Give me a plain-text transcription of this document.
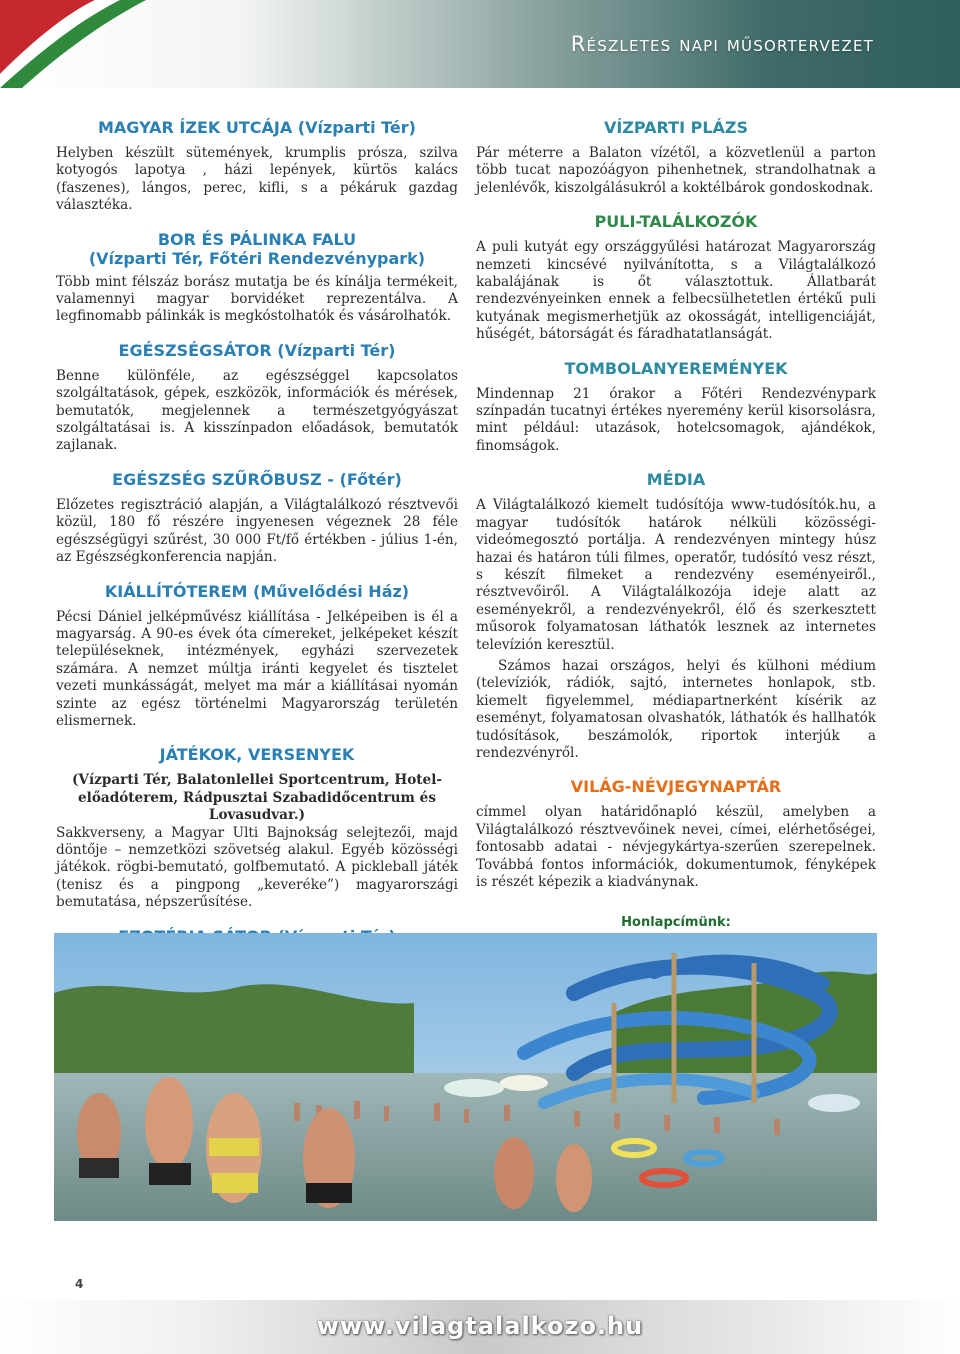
Részletes napi műsortervezet
MAGYAR ÍZEK UTCÁJA (Vízparti Tér)

Helyben készült sütemények, krumplis prósza, szilva kotyogós lapotya , házi lepények, kürtös kalács (faszenes), lángos, perec, kifli, s a pékáruk gazdag választéka.

BOR ÉS PÁLINKA FALU
(Vízparti Tér, Főtéri Rendezvénypark)

Több mint félszáz borász mutatja be és kínálja termékeit, valamennyi magyar borvidéket reprezentálva. A legfinomabb pálinkák is megkóstolhatók és vásárolhatók.

EGÉSZSÉGSÁTOR (Vízparti Tér)

Benne különféle, az egészséggel kapcsolatos szolgáltatások, gépek, eszközök, információk és mérések, bemutatók, megjelennek a természetgyógyászat szolgáltatásai is. A kisszínpadon előadások, bemutatók zajlanak.

EGÉSZSÉG SZŰRŐBUSZ - (Főtér)

Előzetes regisztráció alapján, a Világtalálkozó résztvevői közül, 180 fő részére ingyenesen végeznek 28 féle egészségügyi szűrést, 30 000 Ft/fő értékben - július 1-én, az Egészségkonferencia napján.

KIÁLLÍTÓTEREM (Művelődési Ház)

Pécsi Dániel jelképművész kiállítása - Jelképeiben is él a magyarság. A 90-es évek óta címereket, jelképeket készít településeknek, intézmények, egyházi szervezetek számára. A nemzet múltja iránti kegyelet és tisztelet vezeti munkásságát, melyet ma már a kiállításai nyomán szinte az egész történelmi Magyarország területén elismernek.

JÁTÉKOK, VERSENYEK

(Vízparti Tér, Balatonlellei Sportcentrum, Hotel-előadóterem, Rádpusztai Szabadidőcentrum és Lovasudvar.)

Sakkverseny, a Magyar Ulti Bajnokság selejtezői, majd döntője – nemzetközi szövetség alakul. Egyéb közösségi játékok. rögbi-bemutató, golfbemutató. A pickleball játék (tenisz és a pingpong „keveréke”) magyarországi bemutatása, népszerűsítése.

VÍZPARTI PLÁZS

Pár méterre a Balaton vízétől, a közvetlenül a parton több tucat napozóágyon pihenhetnek, strandolhatnak a jelenlévők, kiszolgálásukról a koktélbárok gondoskodnak.

PULI-TALÁLKOZÓK

A puli kutyát egy országgyűlési határozat Magyarország nemzeti kincsévé nyilvánította, s a Világtalálkozó kabalájának is őt választottuk. Állatbarát rendezvényeinken ennek a felbecsülhetetlen értékű puli kutyának megismerhetjük az okosságát, intelligenciáját, hűségét, bátorságát és fáradhatatlanságát.

TOMBOLANYEREMÉNYEK

Mindennap 21 órakor a Főtéri Rendezvénypark színpadán tucatnyi értékes nyeremény kerül kisorsolásra, mint például: utazások, hotelcsomagok, ajándékok, finomságok.

MÉDIA

A Világtalálkozó kiemelt tudósítója www-tudósítók.hu, a magyar tudósítók határok nélküli közösségi-videómegosztó portálja. A rendezvényen mintegy húsz hazai és határon túli filmes, operatőr, tudósító vesz részt, s készít filmeket a rendezvény eseményeiről., résztvevőiről. A Világtalálkozója ideje alatt az eseményekről, a rendezvényekről, élő és szerkesztett műsorok folyamatosan láthatók lesznek az internetes televízión keresztül.

Számos hazai országos, helyi és külhoni médium (televíziók, rádiók, sajtó, internetes honlapok, stb. kiemelt figyelemmel, médiapartnerként kísérik az eseményt, folyamatosan olvashatók, láthatók és hallhatók tudósítások, beszámolók, riportok interjúk a rendezvényről.

VILÁG-NÉVJEGYNAPTÁR

címmel olyan határidőnapló készül, amelyben a Világtalálkozó résztvevőinek nevei, címei, elérhetőségei, fontosabb adatai - névjegykártya-szerűen szerepelnek. Továbbá fontos információk, dokumentumok, fényképek is részét képezik a kiadványnak.

Honlapcímünk:

4

www.vilagtalalkozo.hu
